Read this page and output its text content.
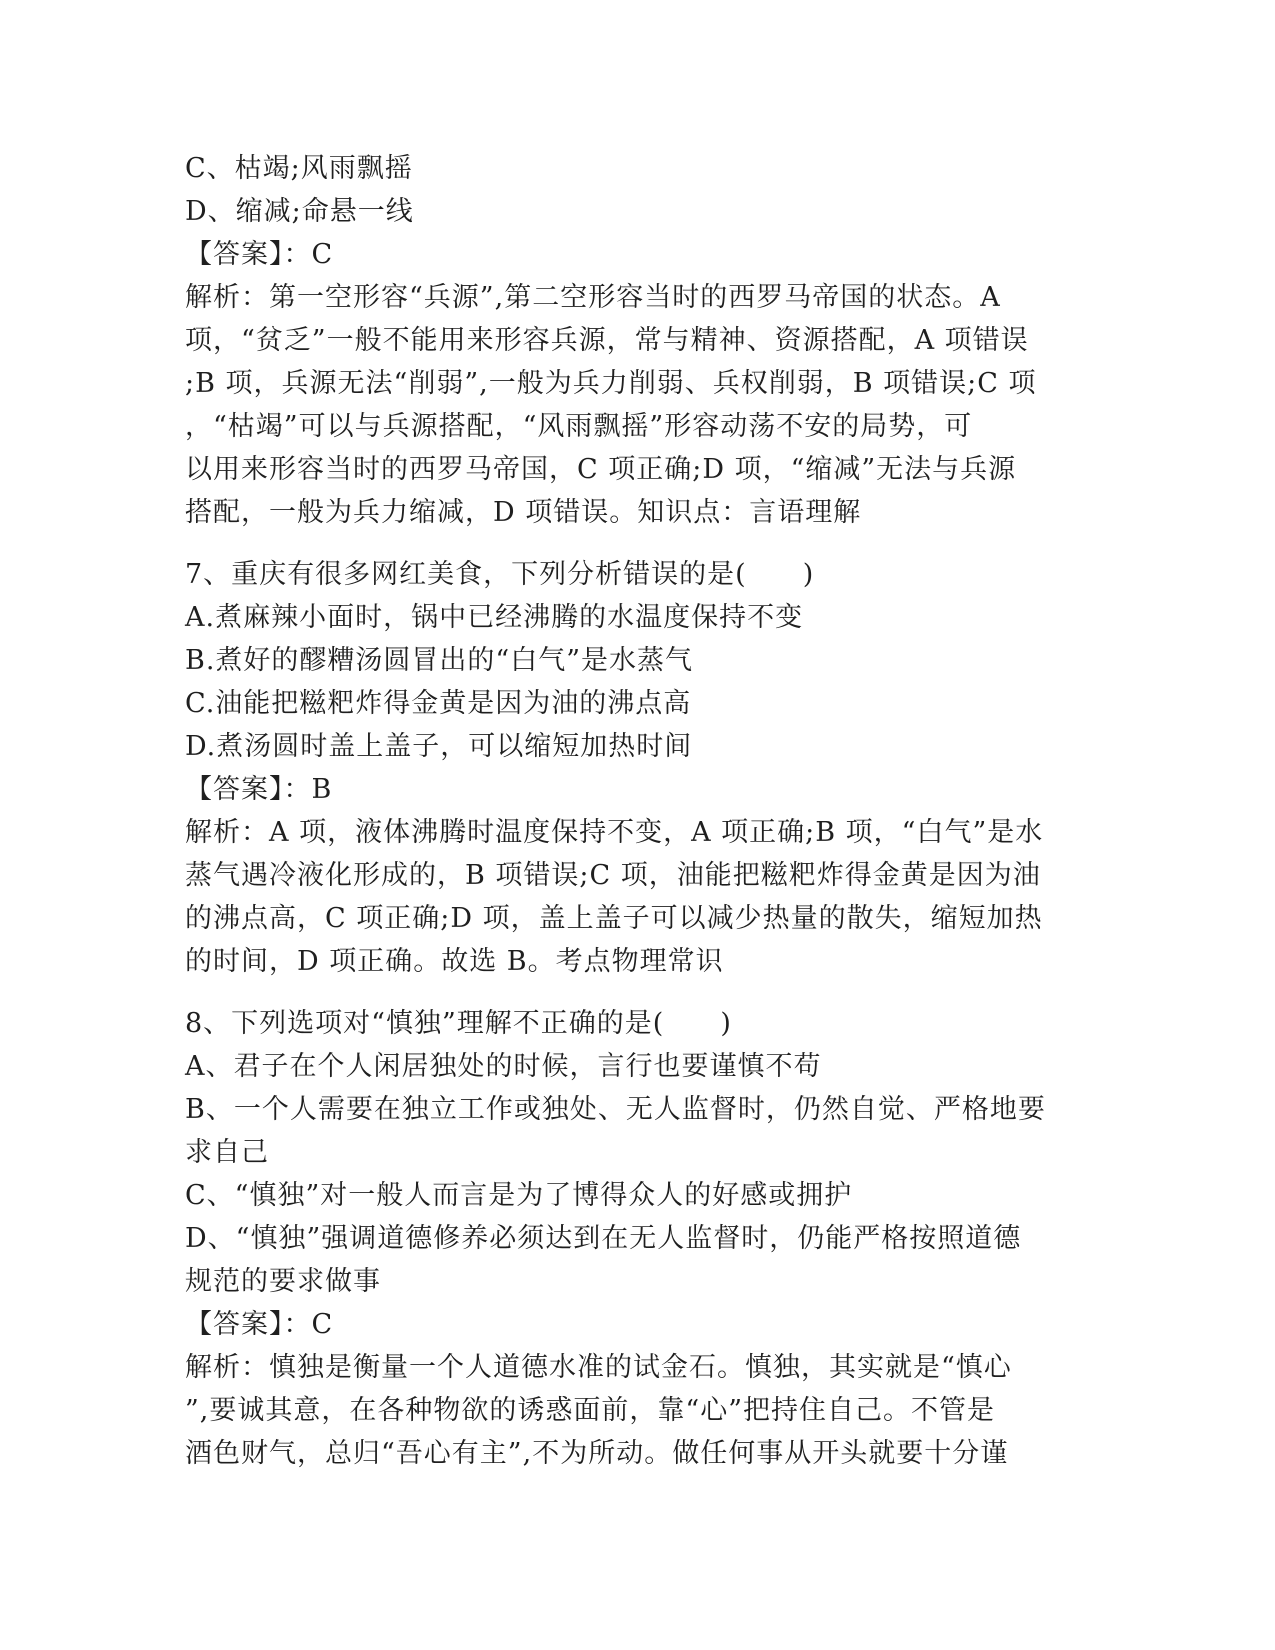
C、枯竭;风雨飘摇
D、缩减;命悬一线
【答案】：C
解析：第一空形容“兵源”,第二空形容当时的西罗马帝国的状态。A
项，“贫乏”一般不能用来形容兵源，常与精神、资源搭配，A 项错误
;B 项，兵源无法“削弱”,一般为兵力削弱、兵权削弱，B 项错误;C 项
，“枯竭”可以与兵源搭配，“风雨飘摇”形容动荡不安的局势，可
以用来形容当时的西罗马帝国，C 项正确;D 项，“缩减”无法与兵源
搭配，一般为兵力缩减，D 项错误。知识点：言语理解
7、重庆有很多网红美食，下列分析错误的是(　　)
A.煮麻辣小面时，锅中已经沸腾的水温度保持不变
B.煮好的醪糟汤圆冒出的“白气”是水蒸气
C.油能把糍粑炸得金黄是因为油的沸点高
D.煮汤圆时盖上盖子，可以缩短加热时间
【答案】：B
解析：A 项，液体沸腾时温度保持不变，A 项正确;B 项，“白气”是水
蒸气遇冷液化形成的，B 项错误;C 项，油能把糍粑炸得金黄是因为油
的沸点高，C 项正确;D 项，盖上盖子可以减少热量的散失，缩短加热
的时间，D 项正确。故选 B。考点物理常识
8、下列选项对“慎独”理解不正确的是(　　)
A、君子在个人闲居独处的时候，言行也要谨慎不苟
B、一个人需要在独立工作或独处、无人监督时，仍然自觉、严格地要
求自己
C、“慎独”对一般人而言是为了博得众人的好感或拥护
D、“慎独”强调道德修养必须达到在无人监督时，仍能严格按照道德
规范的要求做事
【答案】：C
解析：慎独是衡量一个人道德水准的试金石。慎独，其实就是“慎心
”,要诚其意，在各种物欲的诱惑面前，靠“心”把持住自己。不管是
酒色财气，总归“吾心有主”,不为所动。做任何事从开头就要十分谨
